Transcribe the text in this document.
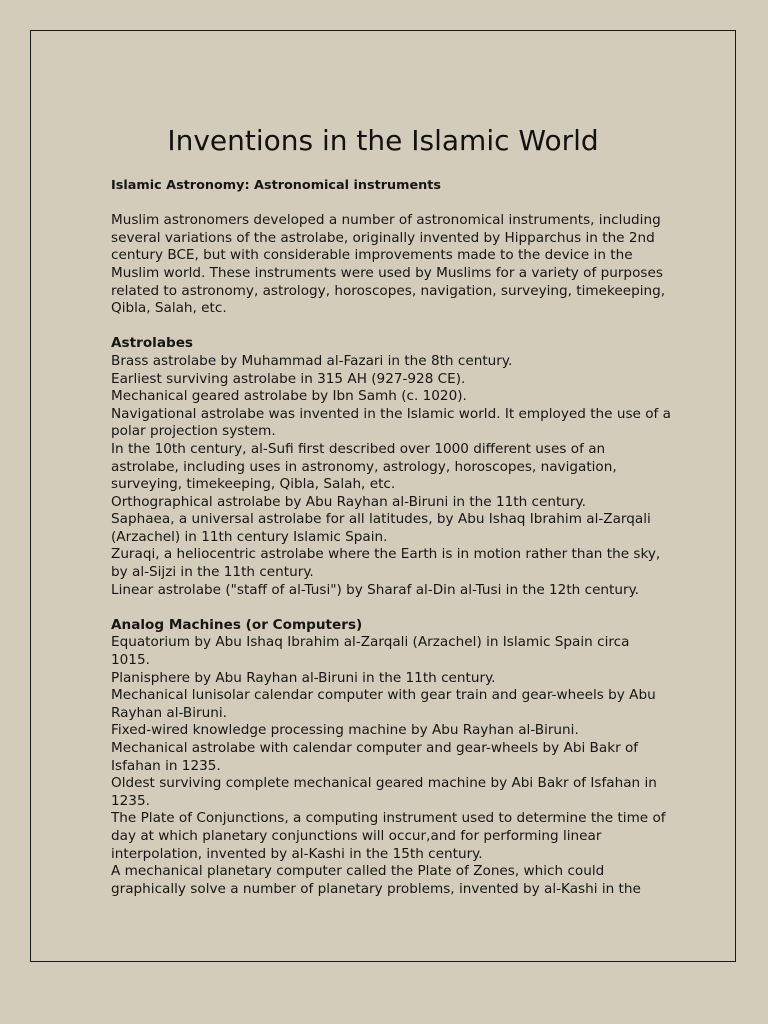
Inventions in the Islamic World

Islamic Astronomy: Astronomical instruments

Muslim astronomers developed a number of astronomical instruments, including several variations of the astrolabe, originally invented by Hipparchus in the 2nd century BCE, but with considerable improvements made to the device in the Muslim world. These instruments were used by Muslims for a variety of purposes related to astronomy, astrology, horoscopes, navigation, surveying, timekeeping, Qibla, Salah, etc.

Astrolabes

Brass astrolabe by Muhammad al-Fazari in the 8th century.
Earliest surviving astrolabe in 315 AH (927-928 CE).
Mechanical geared astrolabe by Ibn Samh (c. 1020).
Navigational astrolabe was invented in the Islamic world. It employed the use of a polar projection system.
In the 10th century, al-Sufi first described over 1000 different uses of an astrolabe, including uses in astronomy, astrology, horoscopes, navigation, surveying, timekeeping, Qibla, Salah, etc.
Orthographical astrolabe by Abu Rayhan al-Biruni in the 11th century.
Saphaea, a universal astrolabe for all latitudes, by Abu Ishaq Ibrahim al-Zarqali (Arzachel) in 11th century Islamic Spain.
Zuraqi, a heliocentric astrolabe where the Earth is in motion rather than the sky, by al-Sijzi in the 11th century.
Linear astrolabe ("staff of al-Tusi") by Sharaf al-Din al-Tusi in the 12th century.

Analog Machines (or Computers)

Equatorium by Abu Ishaq Ibrahim al-Zarqali (Arzachel) in Islamic Spain circa 1015.
Planisphere by Abu Rayhan al-Biruni in the 11th century.
Mechanical lunisolar calendar computer with gear train and gear-wheels by Abu Rayhan al-Biruni.
Fixed-wired knowledge processing machine by Abu Rayhan al-Biruni.
Mechanical astrolabe with calendar computer and gear-wheels by Abi Bakr of Isfahan in 1235.
Oldest surviving complete mechanical geared machine by Abi Bakr of Isfahan in 1235.
The Plate of Conjunctions, a computing instrument used to determine the time of day at which planetary conjunctions will occur,and for performing linear interpolation, invented by al-Kashi in the 15th century.
A mechanical planetary computer called the Plate of Zones, which could graphically solve a number of planetary problems, invented by al-Kashi in the
